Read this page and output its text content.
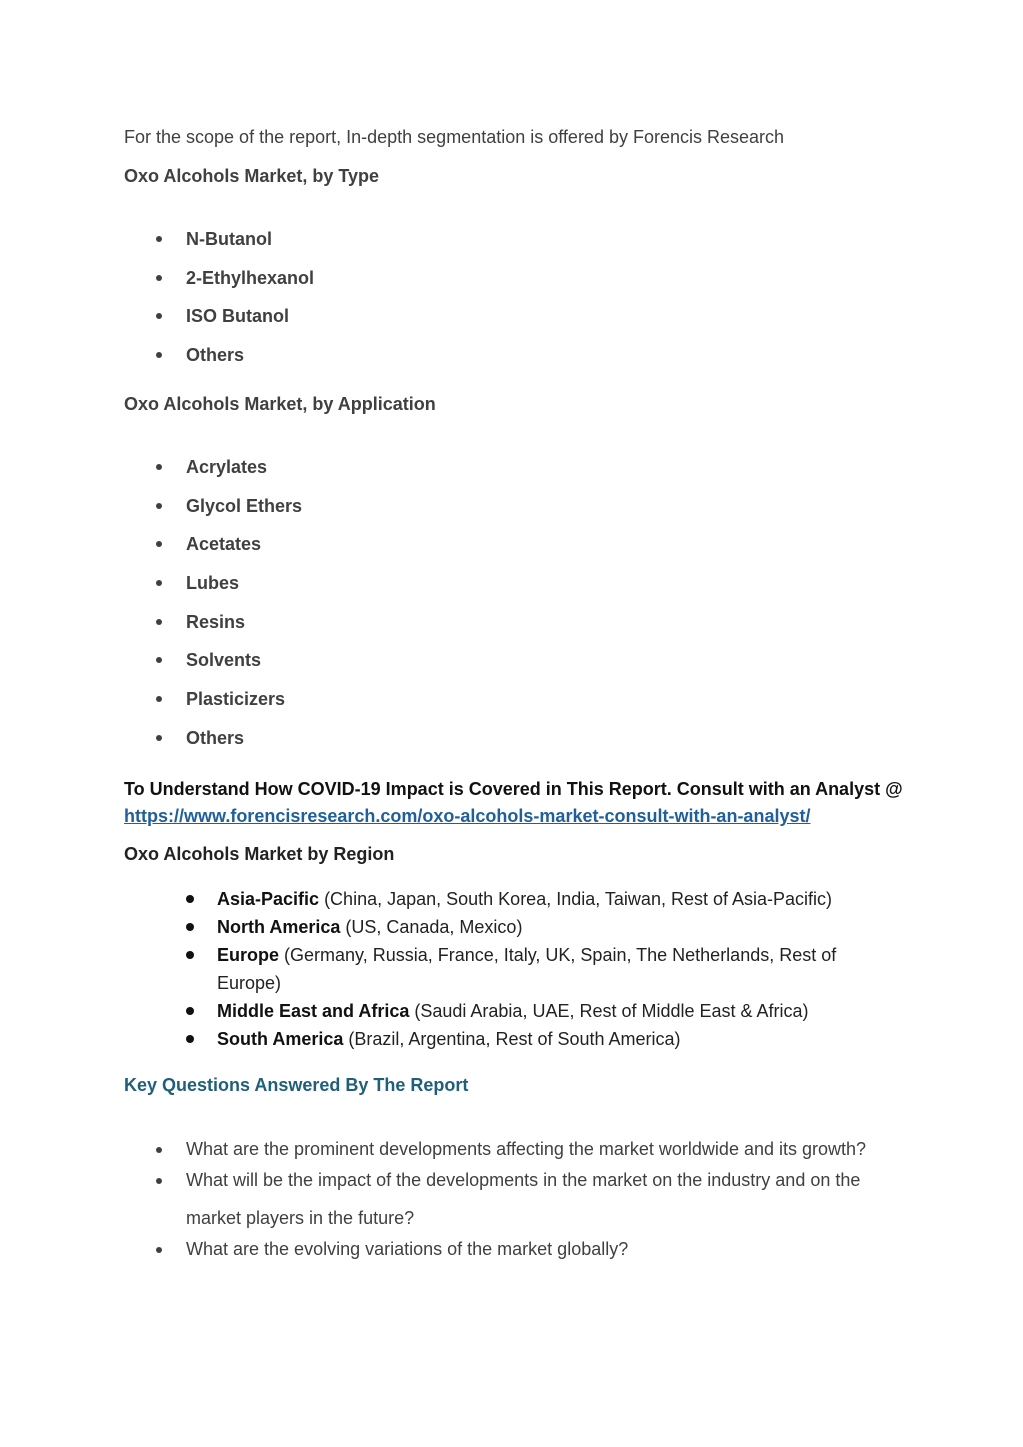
For the scope of the report, In-depth segmentation is offered by Forencis Research
Oxo Alcohols Market, by Type
N-Butanol
2-Ethylhexanol
ISO Butanol
Others
Oxo Alcohols Market, by Application
Acrylates
Glycol Ethers
Acetates
Lubes
Resins
Solvents
Plasticizers
Others
To Understand How COVID-19 Impact is Covered in This Report. Consult with an Analyst @ https://www.forencisresearch.com/oxo-alcohols-market-consult-with-an-analyst/
Oxo Alcohols Market by Region
Asia-Pacific (China, Japan, South Korea, India, Taiwan, Rest of Asia-Pacific)
North America (US, Canada, Mexico)
Europe (Germany, Russia, France, Italy, UK, Spain, The Netherlands, Rest of Europe)
Middle East and Africa (Saudi Arabia, UAE, Rest of Middle East & Africa)
South America (Brazil, Argentina, Rest of South America)
Key Questions Answered By The Report
What are the prominent developments affecting the market worldwide and its growth?
What will be the impact of the developments in the market on the industry and on the market players in the future?
What are the evolving variations of the market globally?
